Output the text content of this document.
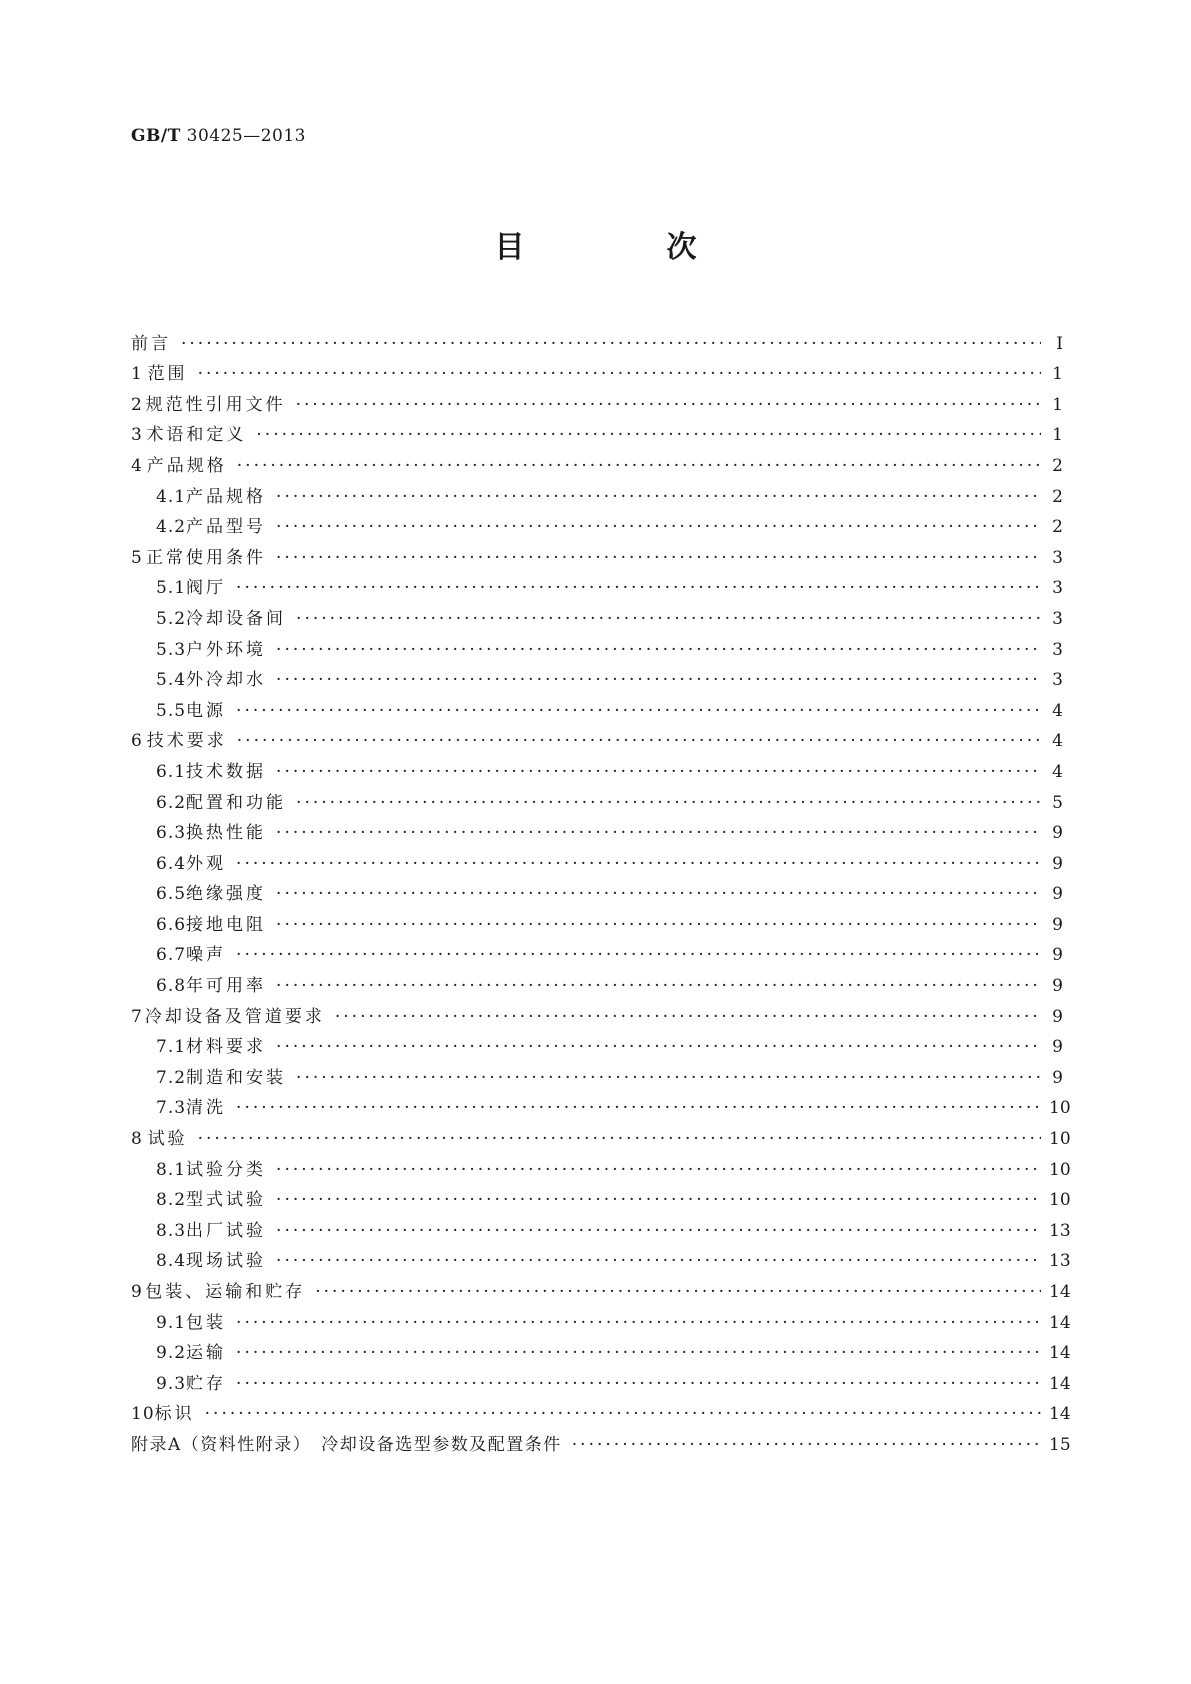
GB/T 30425—2013
目　次
前言 ·····	Ⅰ
1 范围 ·····	1
2 规范性引用文件 ·····	1
3 术语和定义 ·····	1
4 产品规格 ·····	2
4.1 产品规格 ·····	2
4.2 产品型号 ·····	2
5 正常使用条件 ·····	3
5.1 阀厅 ·····	3
5.2 冷却设备间 ·····	3
5.3 户外环境 ·····	3
5.4 外冷却水 ·····	3
5.5 电源 ·····	4
6 技术要求 ·····	4
6.1 技术数据 ·····	4
6.2 配置和功能 ·····	5
6.3 换热性能 ·····	9
6.4 外观 ·····	9
6.5 绝缘强度 ·····	9
6.6 接地电阻 ·····	9
6.7 噪声 ·····	9
6.8 年可用率 ·····	9
7 冷却设备及管道要求 ·····	9
7.1 材料要求 ·····	9
7.2 制造和安装 ·····	9
7.3 清洗 ·····	10
8 试验 ·····	10
8.1 试验分类 ·····	10
8.2 型式试验 ·····	10
8.3 出厂试验 ·····	13
8.4 现场试验 ·····	13
9 包装、运输和贮存 ·····	14
9.1 包装 ·····	14
9.2 运输 ·····	14
9.3 贮存 ·····	14
10 标识 ·····	14
附录A（资料性附录）　冷却设备选型参数及配置条件 ·····	15
